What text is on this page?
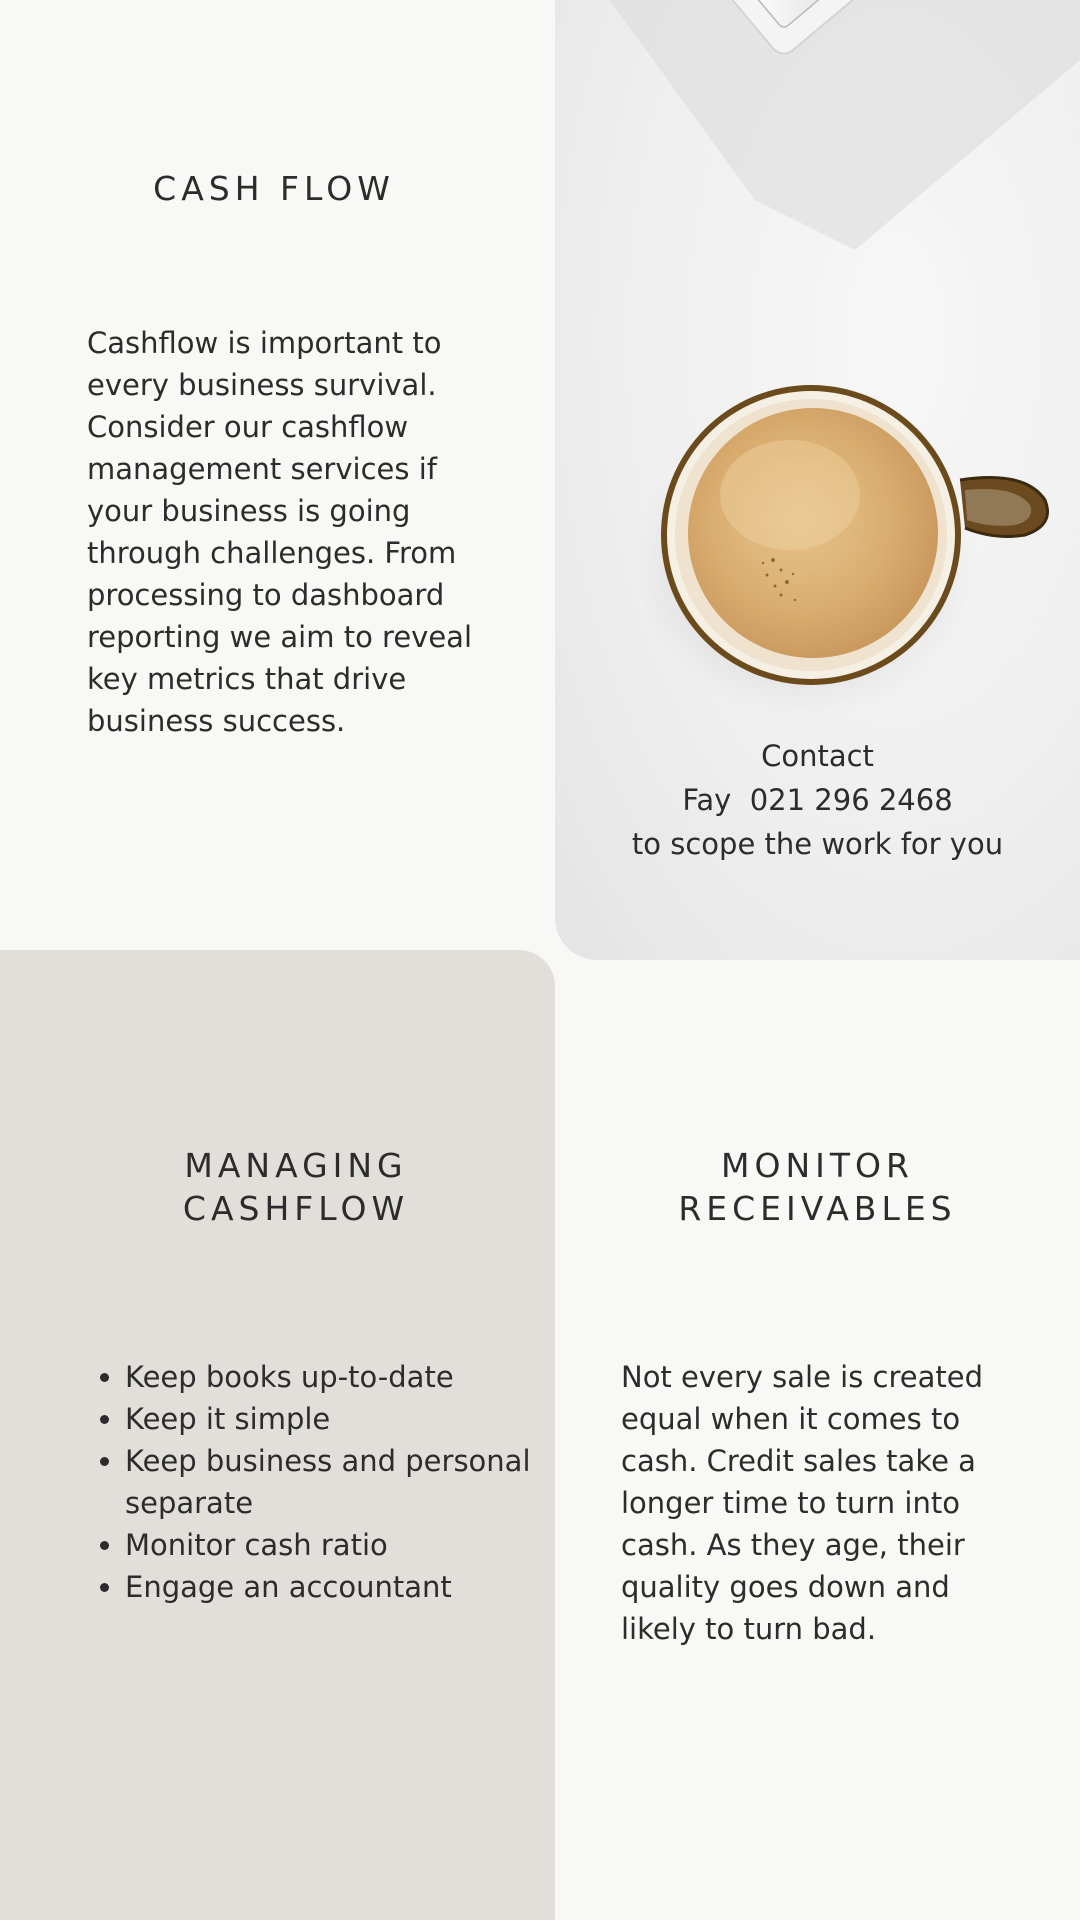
CASH FLOW

Cashflow is important to every business survival. Consider our cashflow management services if your business is going through challenges. From processing to dashboard reporting we aim to reveal key metrics that drive business success.

Contact
Fay  021 296 2468
to scope the work for you
MANAGING
CASHFLOW
• Keep books up-to-date
• Keep it simple
• Keep business and personal separate
• Monitor cash ratio
• Engage an accountant
MONITOR
RECEIVABLES

Not every sale is created equal when it comes to cash. Credit sales take a longer time to turn into cash. As they age, their quality goes down and likely to turn bad.
